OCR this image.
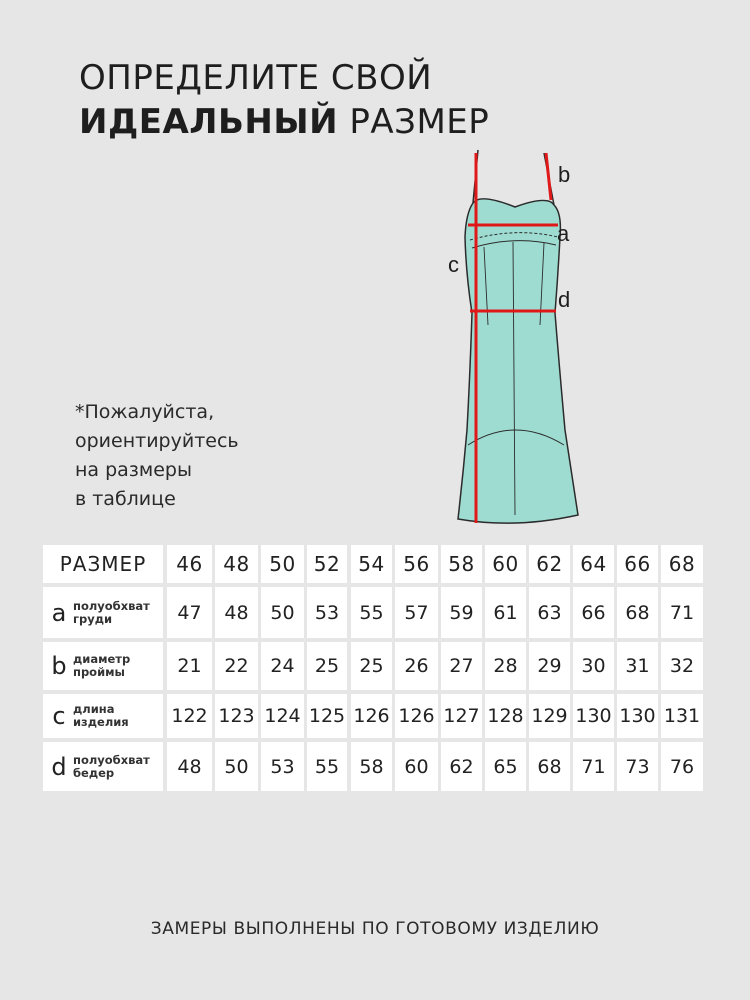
ОПРЕДЕЛИТЕ СВОЙ
ИДЕАЛЬНЫЙ РАЗМЕР
*Пожалуйста,
ориентируйтесь
на размеры
в таблице
b
a
c
d
РАЗМЕР	46	48 50 52 54 56 58 60 62 64 66 68
a полуобхват
груди	47	48	50	53	55	57	59	61	63	66	68	71
b диаметр
проймы	21	22	24	25	25	26	27	28	29	30	31	32
c длина
изделия 122 123 124 125 126 126 127 128 129 130 130 131
d полуобхват
бедер	48	50	53	55	58	60	62	65	68	71	73	76
ЗАМЕРЫ ВЫПОЛНЕНЫ ПО ГОТОВОМУ ИЗДЕЛИЮ
